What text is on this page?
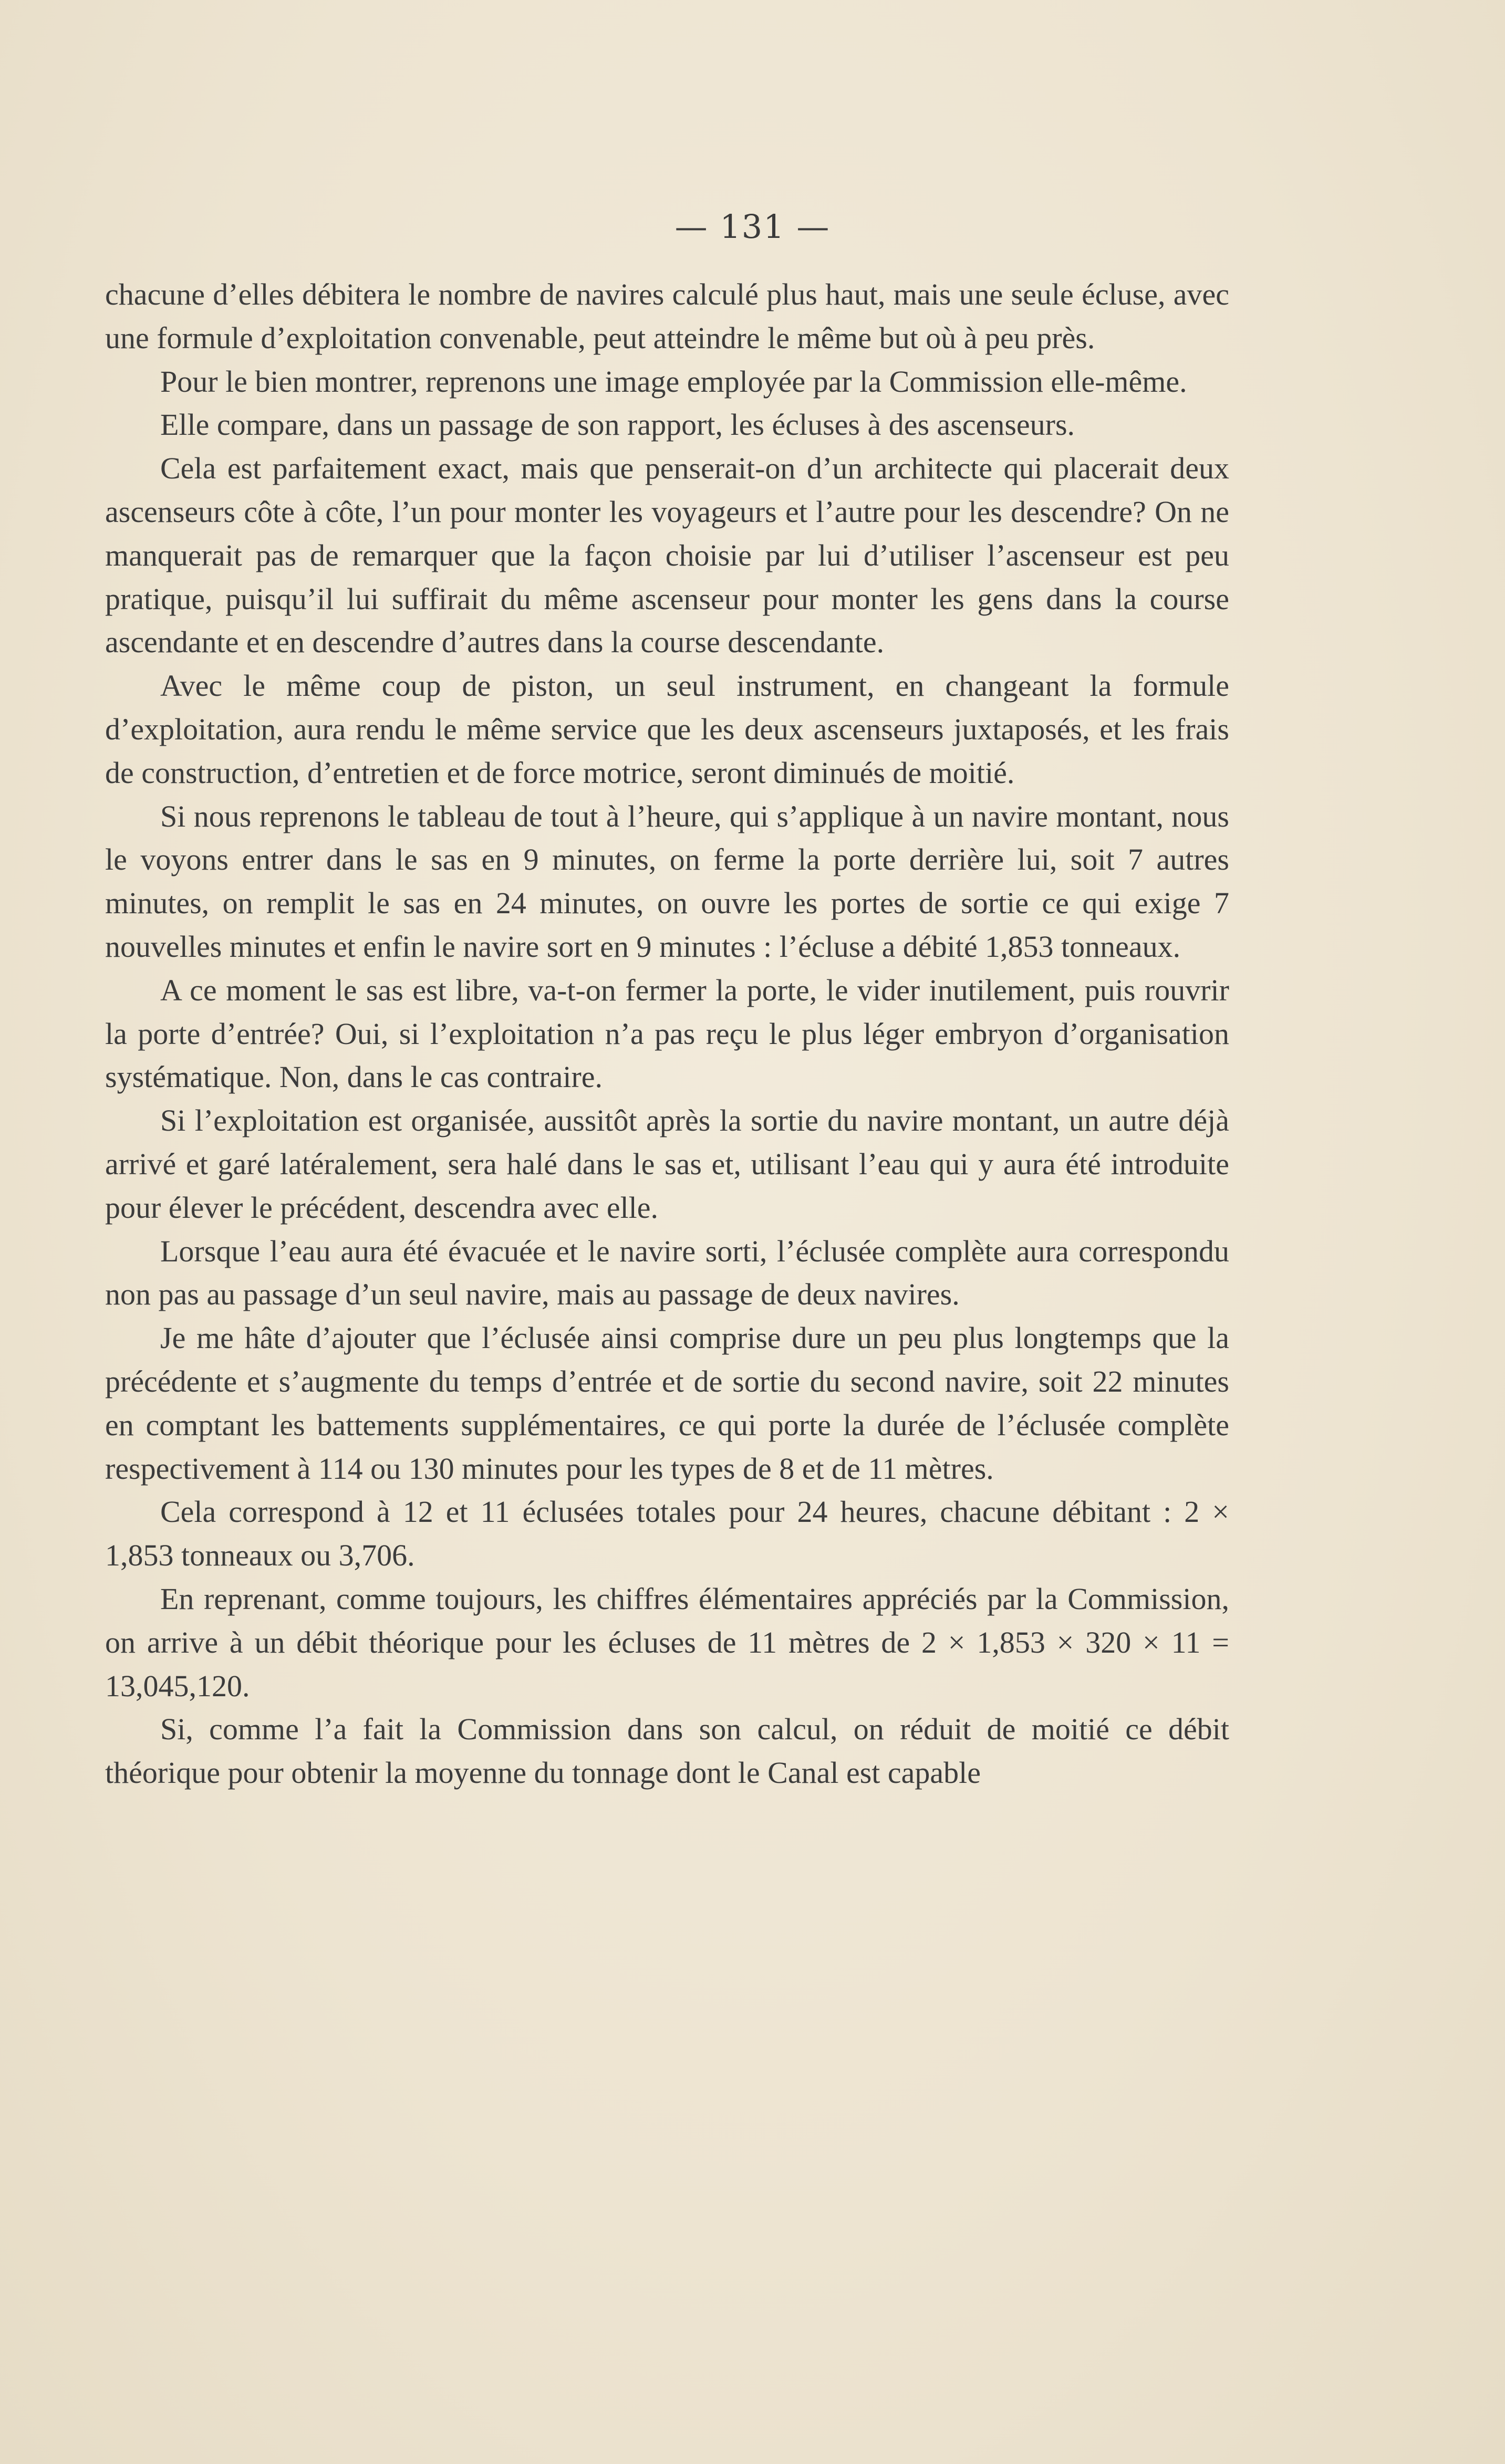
— 131 —

chacune d’elles débitera le nombre de navires calculé plus haut, mais une seule écluse, avec une formule d’exploitation convenable, peut atteindre le même but où à peu près.

Pour le bien montrer, reprenons une image employée par la Commission elle-même.

Elle compare, dans un passage de son rapport, les écluses à des ascenseurs.

Cela est parfaitement exact, mais que penserait-on d’un architecte qui placerait deux ascenseurs côte à côte, l’un pour monter les voyageurs et l’autre pour les descendre? On ne manquerait pas de remarquer que la façon choisie par lui d’utiliser l’ascenseur est peu pratique, puisqu’il lui suffirait du même ascenseur pour monter les gens dans la course ascendante et en descendre d’autres dans la course descendante.

Avec le même coup de piston, un seul instrument, en changeant la formule d’exploitation, aura rendu le même service que les deux ascenseurs juxtaposés, et les frais de construction, d’entretien et de force motrice, seront diminués de moitié.

Si nous reprenons le tableau de tout à l’heure, qui s’applique à un navire montant, nous le voyons entrer dans le sas en 9 minutes, on ferme la porte derrière lui, soit 7 autres minutes, on remplit le sas en 24 minutes, on ouvre les portes de sortie ce qui exige 7 nouvelles minutes et enfin le navire sort en 9 minutes : l’écluse a débité 1,853 tonneaux.

A ce moment le sas est libre, va-t-on fermer la porte, le vider inutilement, puis rouvrir la porte d’entrée? Oui, si l’exploitation n’a pas reçu le plus léger embryon d’organisation systématique. Non, dans le cas contraire.

Si l’exploitation est organisée, aussitôt après la sortie du navire montant, un autre déjà arrivé et garé latéralement, sera halé dans le sas et, utilisant l’eau qui y aura été introduite pour élever le précédent, descendra avec elle.

Lorsque l’eau aura été évacuée et le navire sorti, l’éclusée complète aura correspondu non pas au passage d’un seul navire, mais au passage de deux navires.

Je me hâte d’ajouter que l’éclusée ainsi comprise dure un peu plus longtemps que la précédente et s’augmente du temps d’entrée et de sortie du second navire, soit 22 minutes en comptant les battements supplémentaires, ce qui porte la durée de l’éclusée complète respectivement à 114 ou 130 minutes pour les types de 8 et de 11 mètres.

Cela correspond à 12 et 11 éclusées totales pour 24 heures, chacune débitant : 2 × 1,853 tonneaux ou 3,706.

En reprenant, comme toujours, les chiffres élémentaires appréciés par la Commission, on arrive à un débit théorique pour les écluses de 11 mètres de 2 × 1,853 × 320 × 11 = 13,045,120.

Si, comme l’a fait la Commission dans son calcul, on réduit de moitié ce débit théorique pour obtenir la moyenne du tonnage dont le Canal est capable
